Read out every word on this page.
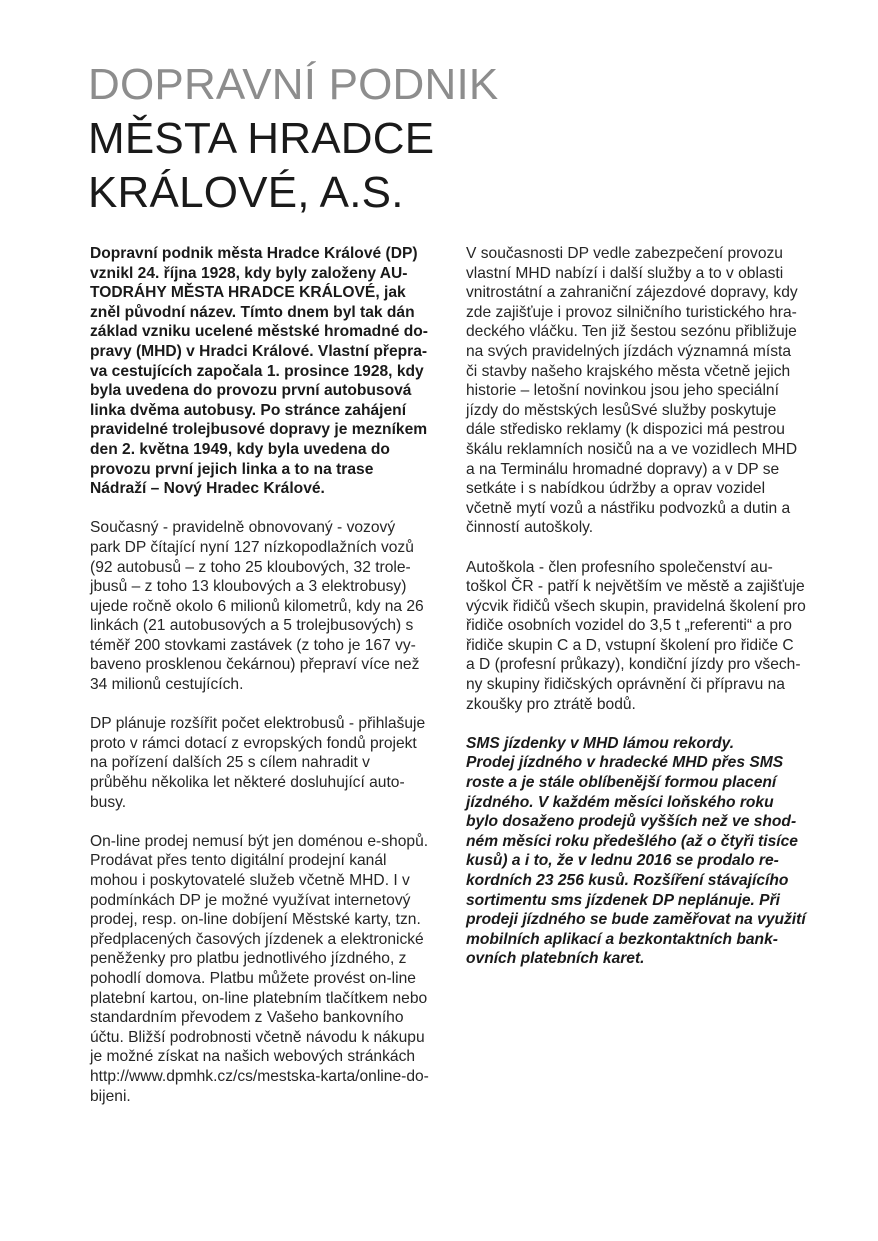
DOPRAVNÍ PODNIK
MĚSTA HRADCE
KRÁLOVÉ, A.S.

Dopravní podnik města Hradce Králové (DP)
vznikl 24. října 1928, kdy byly založeny AU-
TODRÁHY MĚSTA HRADCE KRÁLOVÉ, jak
zněl původní název. Tímto dnem byl tak dán
základ vzniku ucelené městské hromadné do-
pravy (MHD) v Hradci Králové. Vlastní přepra-
va cestujících započala 1. prosince 1928, kdy
byla uvedena do provozu první autobusová
linka dvěma autobusy. Po stránce zahájení
pravidelné trolejbusové dopravy je mezníkem
den 2. května 1949, kdy byla uvedena do
provozu první jejich linka a to na trase
Nádraží – Nový Hradec Králové.

Současný - pravidelně obnovovaný - vozový
park DP čítající nyní 127 nízkopodlažních vozů
(92 autobusů – z toho 25 kloubových, 32 trole-
jbusů – z toho 13 kloubových a 3 elektrobusy)
ujede ročně okolo 6 milionů kilometrů, kdy na 26
linkách (21 autobusových a 5 trolejbusových) s
téměř 200 stovkami zastávek (z toho je 167 vy-
baveno prosklenou čekárnou) přepraví více než
34 milionů cestujících.

DP plánuje rozšířit počet elektrobusů - přihlašuje
proto v rámci dotací z evropských fondů projekt
na pořízení dalších 25 s cílem nahradit v
průběhu několika let některé dosluhující auto-
busy.

On-line prodej nemusí být jen doménou e-shopů.
Prodávat přes tento digitální prodejní kanál
mohou i poskytovatelé služeb včetně MHD. I v
podmínkách DP je možné využívat internetový
prodej, resp. on-line dobíjení Městské karty, tzn.
předplacených časových jízdenek a elektronické
peněženky pro platbu jednotlivého jízdného, z
pohodlí domova. Platbu můžete provést on-line
platební kartou, on-line platebním tlačítkem nebo
standardním převodem z Vašeho bankovního
účtu. Bližší podrobnosti včetně návodu k nákupu
je možné získat na našich webových stránkách
http://www.dpmhk.cz/cs/mestska-karta/online-do-
bijeni.

V současnosti DP vedle zabezpečení provozu
vlastní MHD nabízí i další služby a to v oblasti
vnitrostátní a zahraniční zájezdové dopravy, kdy
zde zajišťuje i provoz silničního turistického hra-
deckého vláčku. Ten již šestou sezónu přibližuje
na svých pravidelných jízdách významná místa
či stavby našeho krajského města včetně jejich
historie – letošní novinkou jsou jeho speciální
jízdy do městských lesůSvé služby poskytuje
dále středisko reklamy (k dispozici má pestrou
škálu reklamních nosičů na a ve vozidlech MHD
a na Terminálu hromadné dopravy) a v DP se
setkáte i s nabídkou údržby a oprav vozidel
včetně mytí vozů a nástřiku podvozků a dutin a
činností autoškoly.

Autoškola - člen profesního společenství au-
toškol ČR - patří k největším ve městě a zajišťuje
výcvik řidičů všech skupin, pravidelná školení pro
řidiče osobních vozidel do 3,5 t „referenti“ a pro
řidiče skupin C a D, vstupní školení pro řidiče C
a D (profesní průkazy), kondiční jízdy pro všech-
ny skupiny řidičských oprávnění či přípravu na
zkoušky pro ztrátě bodů.

SMS jízdenky v MHD lámou rekordy.
Prodej jízdného v hradecké MHD přes SMS
roste a je stále oblíbenější formou placení
jízdného. V každém měsíci loňského roku
bylo dosaženo prodejů vyšších než ve shod-
ném měsíci roku předešlého (až o čtyři tisíce
kusů) a i to, že v lednu 2016 se prodalo re-
kordních 23 256 kusů. Rozšíření stávajícího
sortimentu sms jízdenek DP neplánuje. Při
prodeji jízdného se bude zaměřovat na využití
mobilních aplikací a bezkontaktních bank-
ovních platebních karet.
